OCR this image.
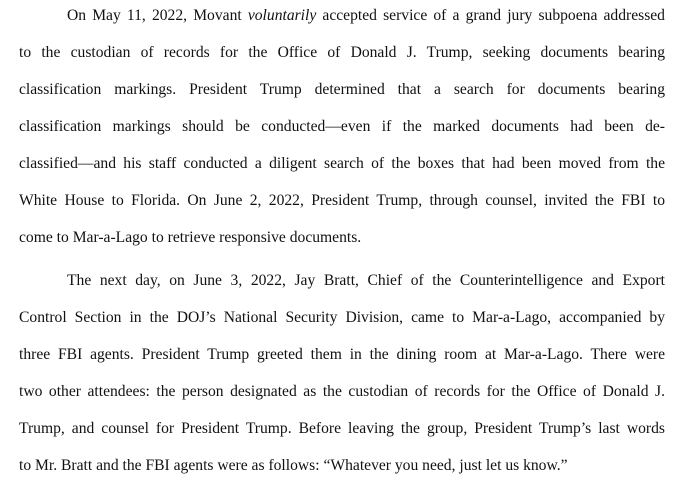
On May 11, 2022, Movant voluntarily accepted service of a grand jury subpoena addressed
to the custodian of records for the Office of Donald J. Trump, seeking documents bearing
classification markings. President Trump determined that a search for documents bearing
classification markings should be conducted—even if the marked documents had been de-
classified—and his staff conducted a diligent search of the boxes that had been moved from the
White House to Florida. On June 2, 2022, President Trump, through counsel, invited the FBI to
come to Mar-a-Lago to retrieve responsive documents.
The next day, on June 3, 2022, Jay Bratt, Chief of the Counterintelligence and Export
Control Section in the DOJ’s National Security Division, came to Mar-a-Lago, accompanied by
three FBI agents. President Trump greeted them in the dining room at Mar-a-Lago. There were
two other attendees: the person designated as the custodian of records for the Office of Donald J.
Trump, and counsel for President Trump. Before leaving the group, President Trump’s last words
to Mr. Bratt and the FBI agents were as follows: “Whatever you need, just let us know.”
